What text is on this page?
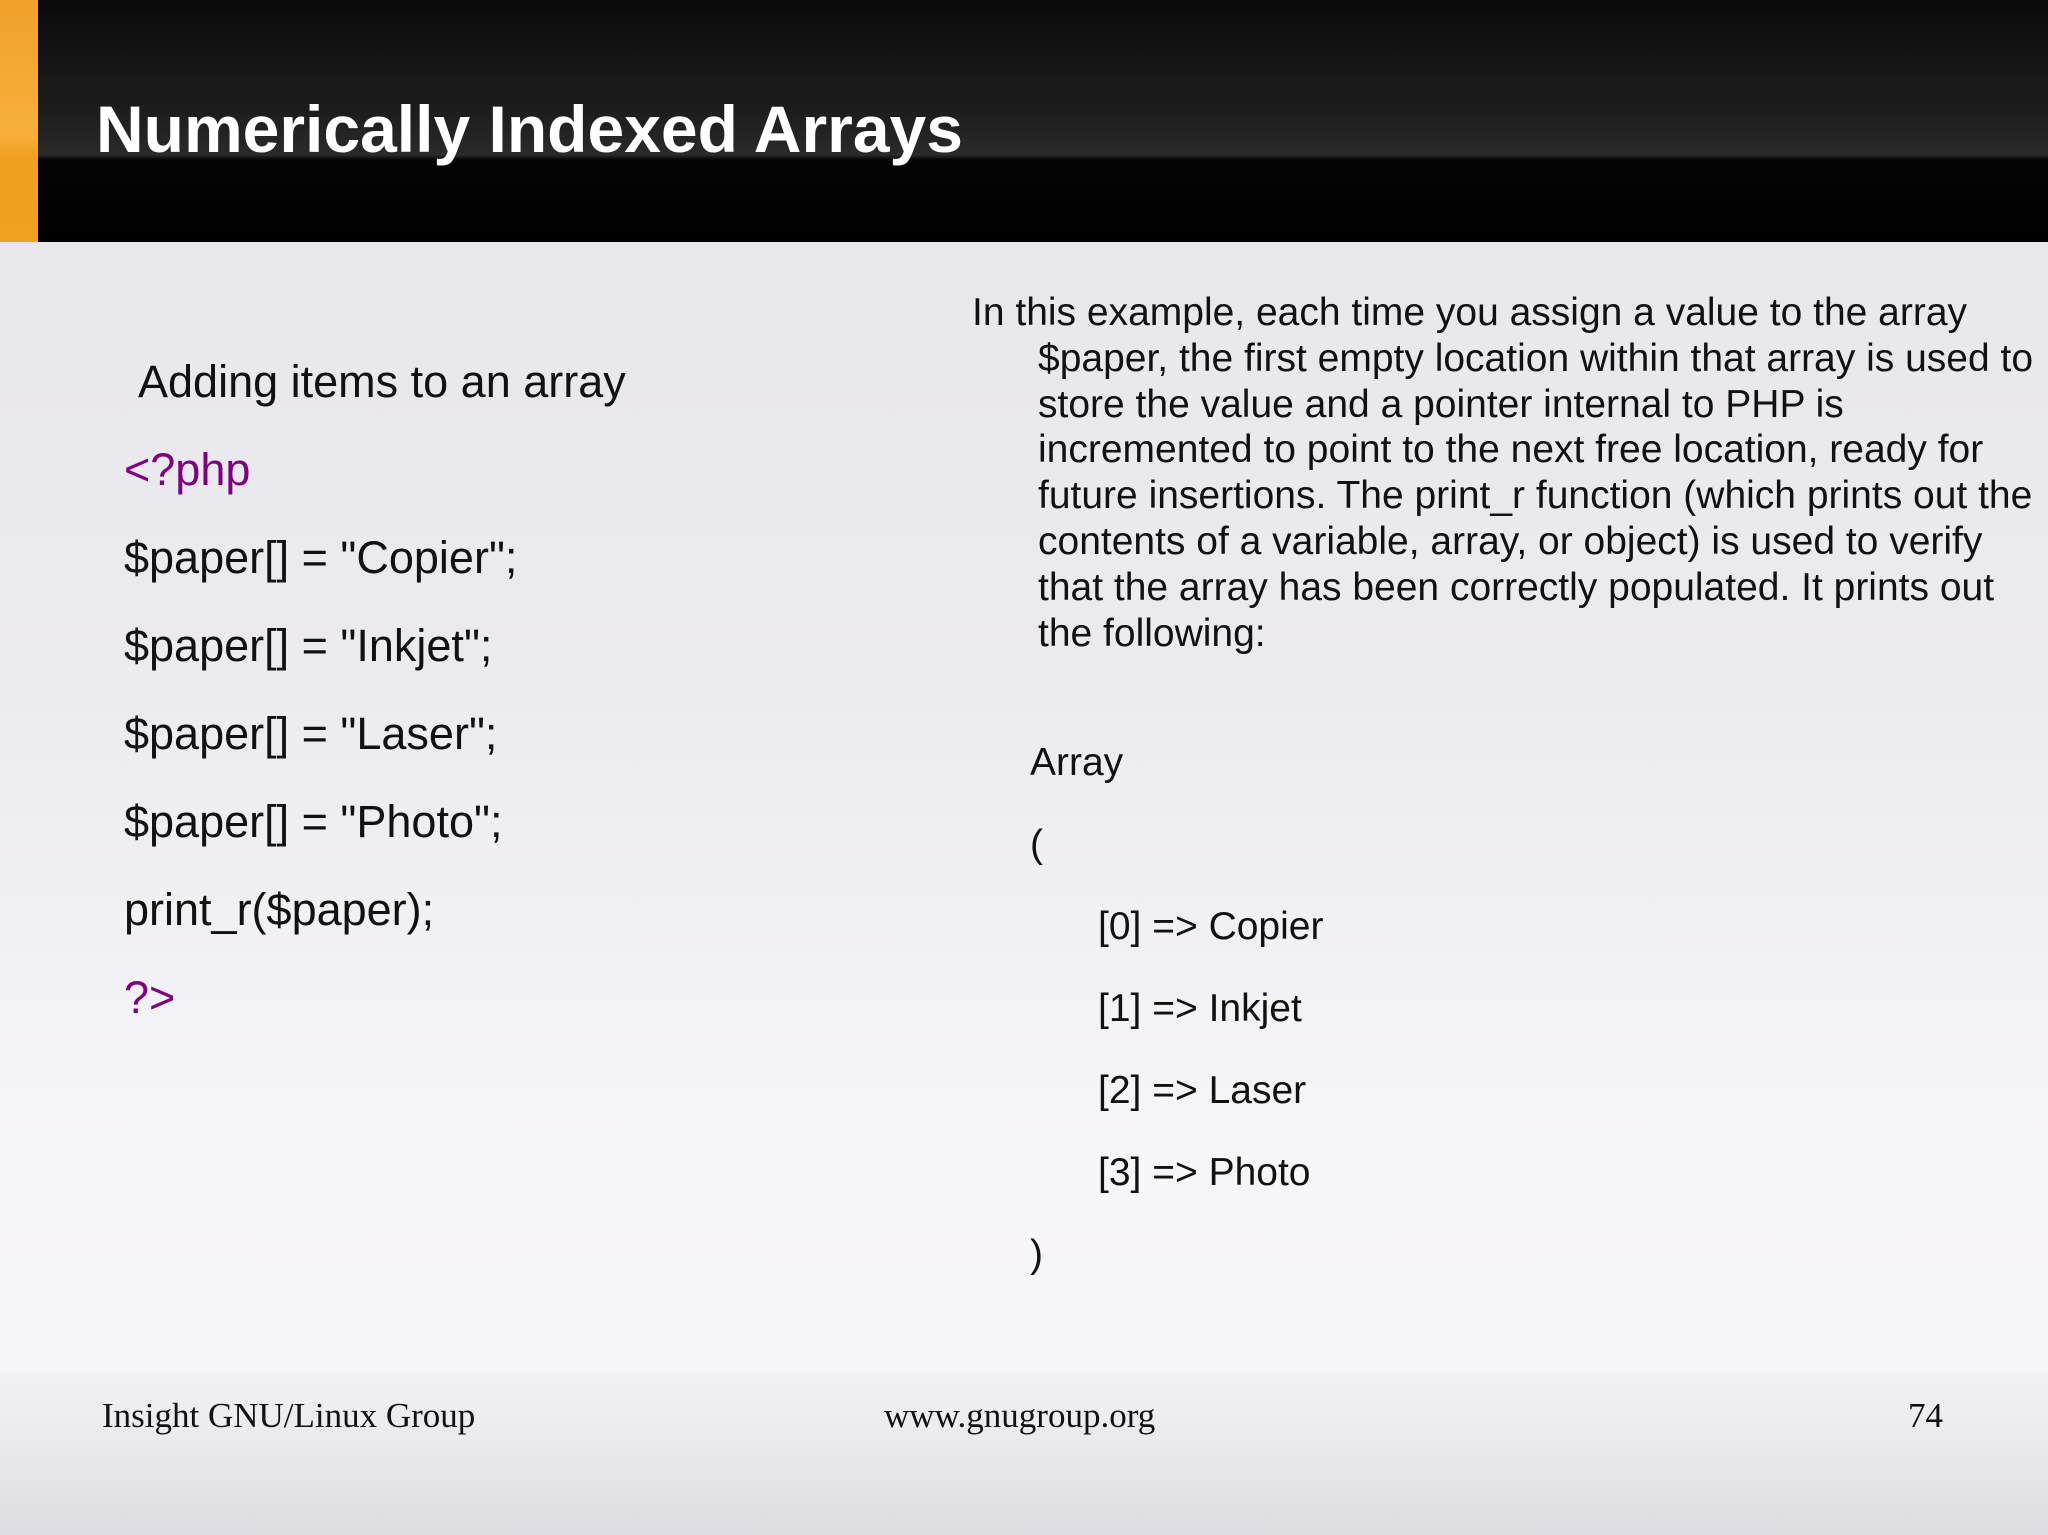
Numerically Indexed Arrays
Adding items to an array
<?php
$paper[] = "Copier";
$paper[] = "Inkjet";
$paper[] = "Laser";
$paper[] = "Photo";
print_r($paper);
?>

In this example, each time you assign a value to the array $paper, the first empty location within that array is used to store the value and a pointer internal to PHP is incremented to point to the next free location, ready for future insertions. The print_r function (which prints out the contents of a variable, array, or object) is used to verify that the array has been correctly populated. It prints out the following:

Array
(
[0] => Copier
[1] => Inkjet
[2] => Laser
[3] => Photo
)
Insight GNU/Linux Group	www.gnugroup.org	74
